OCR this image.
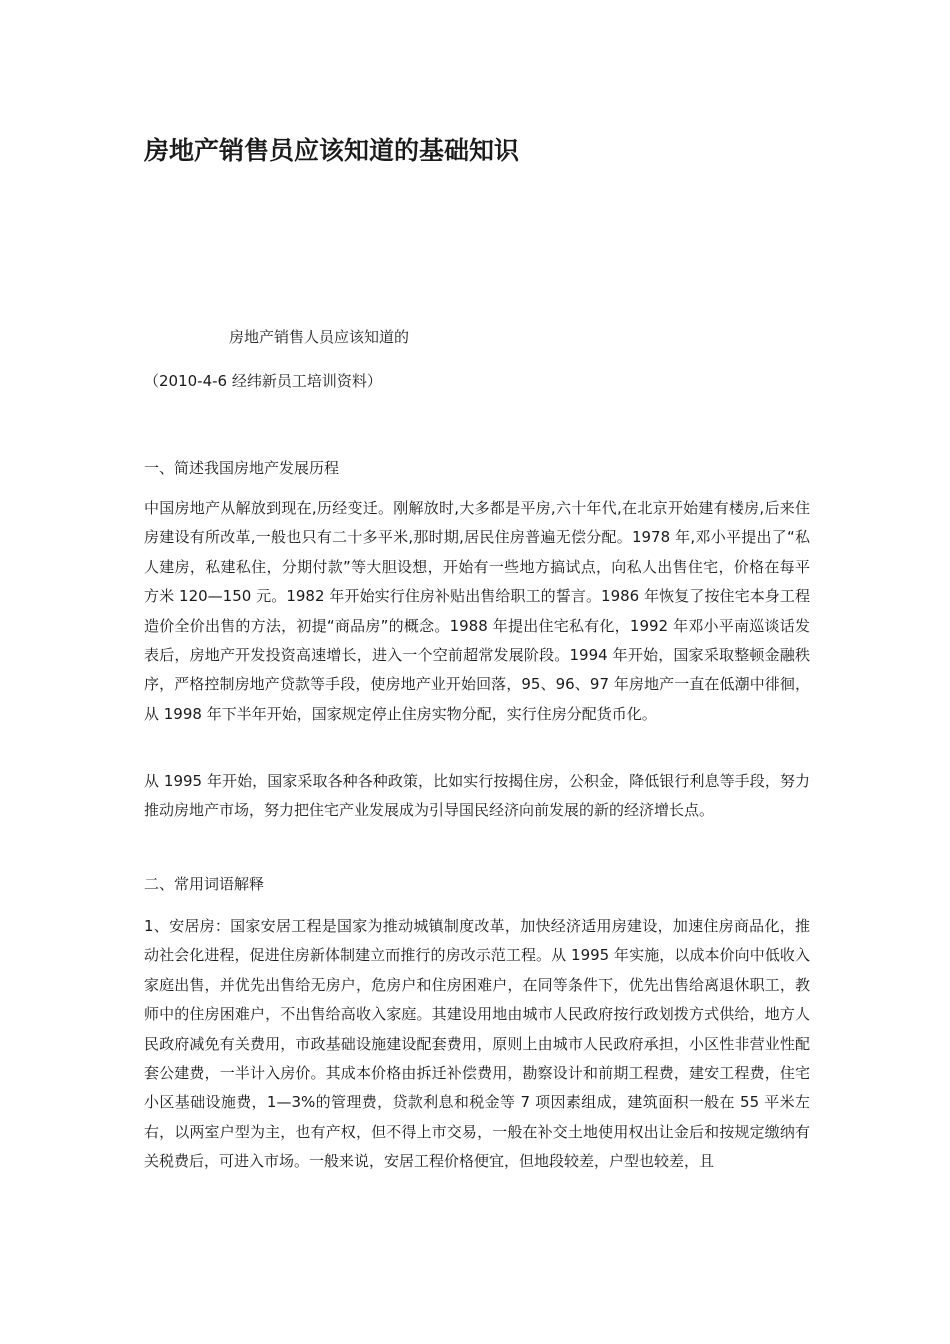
房地产销售员应该知道的基础知识

房地产销售人员应该知道的

（2010-4-6 经纬新员工培训资料）

一、简述我国房地产发展历程

中国房地产从解放到现在,历经变迁。刚解放时,大多都是平房,六十年代,在北京开始建有楼房,后来住房建设有所改革,一般也只有二十多平米,那时期,居民住房普遍无偿分配。1978 年,邓小平提出了“私人建房，私建私住，分期付款”等大胆设想，开始有一些地方搞试点，向私人出售住宅，价格在每平方米 120—150 元。1982 年开始实行住房补贴出售给职工的誓言。1986 年恢复了按住宅本身工程造价全价出售的方法，初提“商品房”的概念。1988 年提出住宅私有化，1992 年邓小平南巡谈话发表后，房地产开发投资高速增长，进入一个空前超常发展阶段。1994 年开始，国家采取整顿金融秩序，严格控制房地产贷款等手段，使房地产业开始回落，95、96、97 年房地产一直在低潮中徘徊，从 1998 年下半年开始，国家规定停止住房实物分配，实行住房分配货币化。

从 1995 年开始，国家采取各种各种政策，比如实行按揭住房，公积金，降低银行利息等手段，努力推动房地产市场，努力把住宅产业发展成为引导国民经济向前发展的新的经济增长点。

二、常用词语解释

1、安居房：国家安居工程是国家为推动城镇制度改革，加快经济适用房建设，加速住房商品化，推动社会化进程，促进住房新体制建立而推行的房改示范工程。从 1995 年实施，以成本价向中低收入家庭出售，并优先出售给无房户，危房户和住房困难户，在同等条件下，优先出售给离退休职工，教师中的住房困难户，不出售给高收入家庭。其建设用地由城市人民政府按行政划拨方式供给，地方人民政府减免有关费用，市政基础设施建设配套费用，原则上由城市人民政府承担，小区性非营业性配套公建费，一半计入房价。其成本价格由拆迁补偿费用，勘察设计和前期工程费，建安工程费，住宅小区基础设施费，1—3%的管理费，贷款利息和税金等 7 项因素组成，建筑面积一般在 55 平米左右，以两室户型为主，也有产权，但不得上市交易，一般在补交土地使用权出让金后和按规定缴纳有关税费后，可进入市场。一般来说，安居工程价格便宜，但地段较差，户型也较差，且
